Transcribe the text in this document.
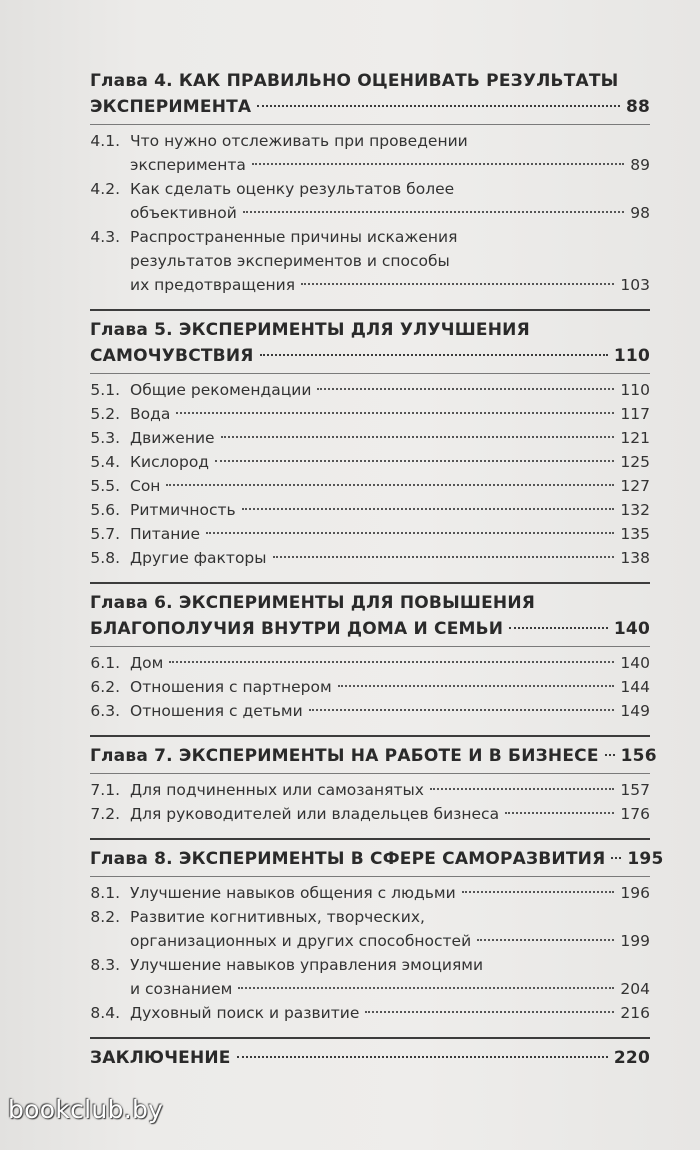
Глава 4. КАК ПРАВИЛЬНО ОЦЕНИВАТЬ РЕЗУЛЬТАТЫ
ЭКСПЕРИМЕНТА	88
4.1. Что нужно отслеживать при проведении
эксперимента	89
4.2. Как сделать оценку результатов более
объективной	98
4.3. Распространенные причины искажения
результатов экспериментов и способы
их предотвращения	103
Глава 5. ЭКСПЕРИМЕНТЫ ДЛЯ УЛУЧШЕНИЯ
САМОЧУВСТВИЯ	110
5.1. Общие рекомендации	110
5.2. Вода	117
5.3. Движение	121
5.4. Кислород	125
5.5. Сон	127
5.6. Ритмичность	132
5.7. Питание	135
5.8. Другие факторы	138
Глава 6. ЭКСПЕРИМЕНТЫ ДЛЯ ПОВЫШЕНИЯ
БЛАГОПОЛУЧИЯ ВНУТРИ ДОМА И СЕМЬИ	140
6.1. Дом	140
6.2. Отношения с партнером	144
6.3. Отношения с детьми	149
Глава 7. ЭКСПЕРИМЕНТЫ НА РАБОТЕ И В БИЗНЕСЕ 156
7.1. Для подчиненных или самозанятых	157
7.2. Для руководителей или владельцев бизнеса	176
Глава 8. ЭКСПЕРИМЕНТЫ В СФЕРЕ САМОРАЗВИТИЯ 195
8.1. Улучшение навыков общения с людьми	196
8.2. Развитие когнитивных, творческих,
организационных и других способностей	199
8.3. Улучшение навыков управления эмоциями
и сознанием	204
8.4. Духовный поиск и развитие	216
ЗАКЛЮЧЕНИЕ	220
bookclub.by
